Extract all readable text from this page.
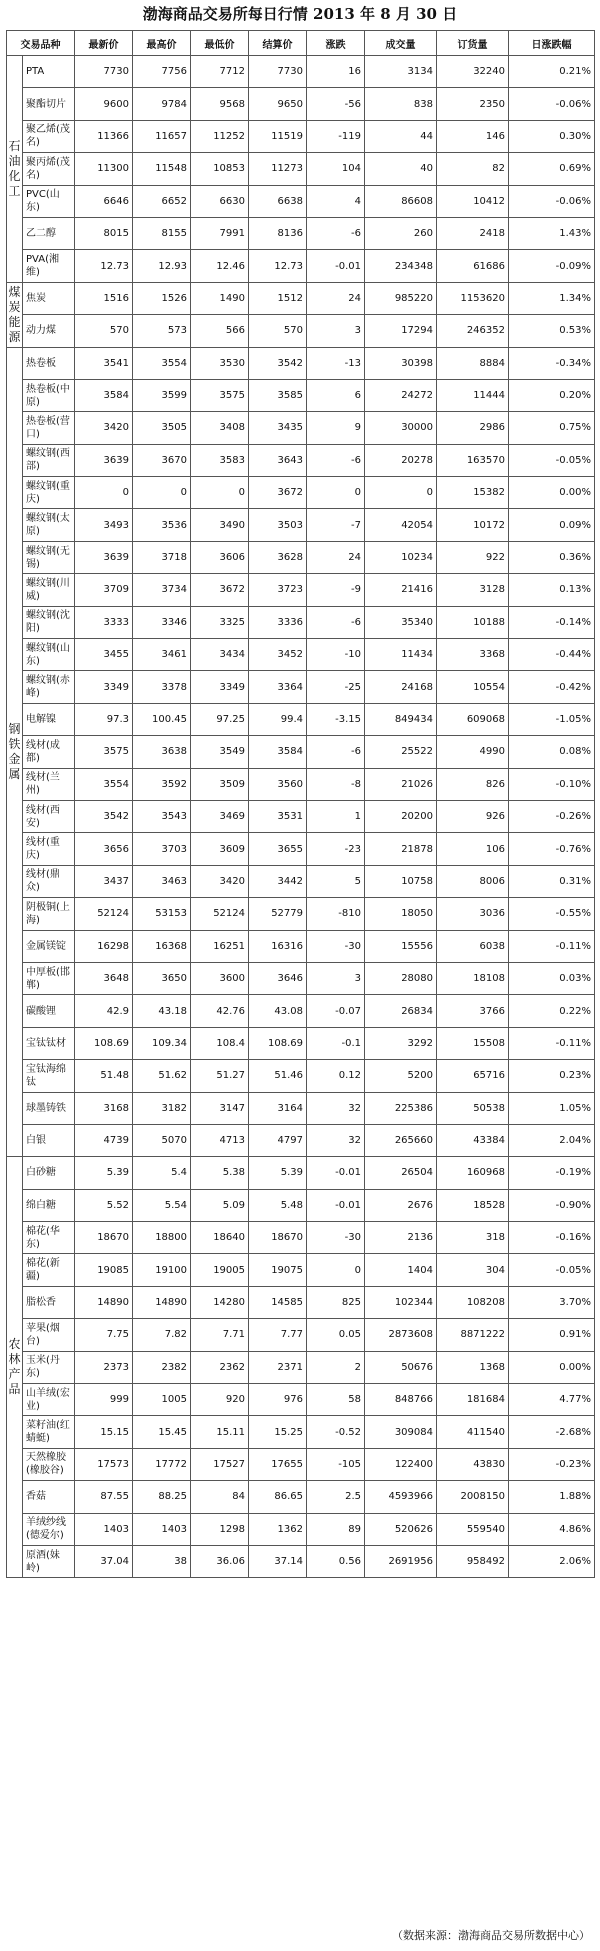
渤海商品交易所每日行情 2013 年 8 月 30 日
交易品种		最新价	最高价	最低价	结算价	涨跌	成交量	订货量	日涨跌幅

石油化工	PTA	7730	7756	7712	7730	16	3134	32240	0.21%
	聚酯切片	9600	9784	9568	9650	-56	838	2350	-0.06%
	聚乙烯(茂名)	11366	11657	11252	11519	-119	44	146	0.30%
	聚丙烯(茂名)	11300	11548	10853	11273	104	40	82	0.69%
	PVC(山东)	6646	6652	6630	6638	4	86608	10412	-0.06%
	乙二醇	8015	8155	7991	8136	-6	260	2418	1.43%
	PVA(湘维)	12.73	12.93	12.46	12.73	-0.01	234348	61686	-0.09%

煤炭能源	焦炭	1516	1526	1490	1512	24	985220	1153620	1.34%
	动力煤	570	573	566	570	3	17294	246352	0.53%

钢铁金属	热卷板	3541	3554	3530	3542	-13	30398	8884	-0.34%
	热卷板(中原)	3584	3599	3575	3585	6	24272	11444	0.20%
	热卷板(营口)	3420	3505	3408	3435	9	30000	2986	0.75%
	螺纹钢(西部)	3639	3670	3583	3643	-6	20278	163570	-0.05%
	螺纹钢(重庆)	0	0	0	3672	0	0	15382	0.00%
	螺纹钢(太原)	3493	3536	3490	3503	-7	42054	10172	0.09%
	螺纹钢(无锡)	3639	3718	3606	3628	24	10234	922	0.36%
	螺纹钢(川威)	3709	3734	3672	3723	-9	21416	3128	0.13%
	螺纹钢(沈阳)	3333	3346	3325	3336	-6	35340	10188	-0.14%
	螺纹钢(山东)	3455	3461	3434	3452	-10	11434	3368	-0.44%
	螺纹钢(赤峰)	3349	3378	3349	3364	-25	24168	10554	-0.42%
	电解镍	97.3	100.45	97.25	99.4	-3.15	849434	609068	-1.05%
	线材(成都)	3575	3638	3549	3584	-6	25522	4990	0.08%
	线材(兰州)	3554	3592	3509	3560	-8	21026	826	-0.10%
	线材(西安)	3542	3543	3469	3531	1	20200	926	-0.26%
	线材(重庆)	3656	3703	3609	3655	-23	21878	106	-0.76%
	线材(鼎众)	3437	3463	3420	3442	5	10758	8006	0.31%
	阴极铜(上海)	52124	53153	52124	52779	-810	18050	3036	-0.55%
	金属镁锭	16298	16368	16251	16316	-30	15556	6038	-0.11%
	中厚板(邯郸)	3648	3650	3600	3646	3	28080	18108	0.03%
	碳酸锂	42.9	43.18	42.76	43.08	-0.07	26834	3766	0.22%
	宝钛钛材	108.69	109.34	108.4	108.69	-0.1	3292	15508	-0.11%
	宝钛海绵钛	51.48	51.62	51.27	51.46	0.12	5200	65716	0.23%
	球墨铸铁	3168	3182	3147	3164	32	225386	50538	1.05%
	白银	4739	5070	4713	4797	32	265660	43384	2.04%

农林产品	白砂糖	5.39	5.4	5.38	5.39	-0.01	26504	160968	-0.19%
	绵白糖	5.52	5.54	5.09	5.48	-0.01	2676	18528	-0.90%
	棉花(华东)	18670	18800	18640	18670	-30	2136	318	-0.16%
	棉花(新疆)	19085	19100	19005	19075	0	1404	304	-0.05%
	脂松香	14890	14890	14280	14585	825	102344	108208	3.70%
	苹果(烟台)	7.75	7.82	7.71	7.77	0.05	2873608	8871222	0.91%
	玉米(丹东)	2373	2382	2362	2371	2	50676	1368	0.00%
	山羊绒(宏业)	999	1005	920	976	58	848766	181684	4.77%
	菜籽油(红蜻蜓)	15.15	15.45	15.11	15.25	-0.52	309084	411540	-2.68%
	天然橡胶(橡胶谷)	17573	17772	17527	17655	-105	122400	43830	-0.23%
	香菇	87.55	88.25	84	86.65	2.5	4593966	2008150	1.88%
	羊绒纱线(德爱尔)	1403	1403	1298	1362	89	520626	559540	4.86%
	原酒(妹岭)	37.04	38	36.06	37.14	0.56	2691956	958492	2.06%
（数据来源：渤海商品交易所数据中心）
